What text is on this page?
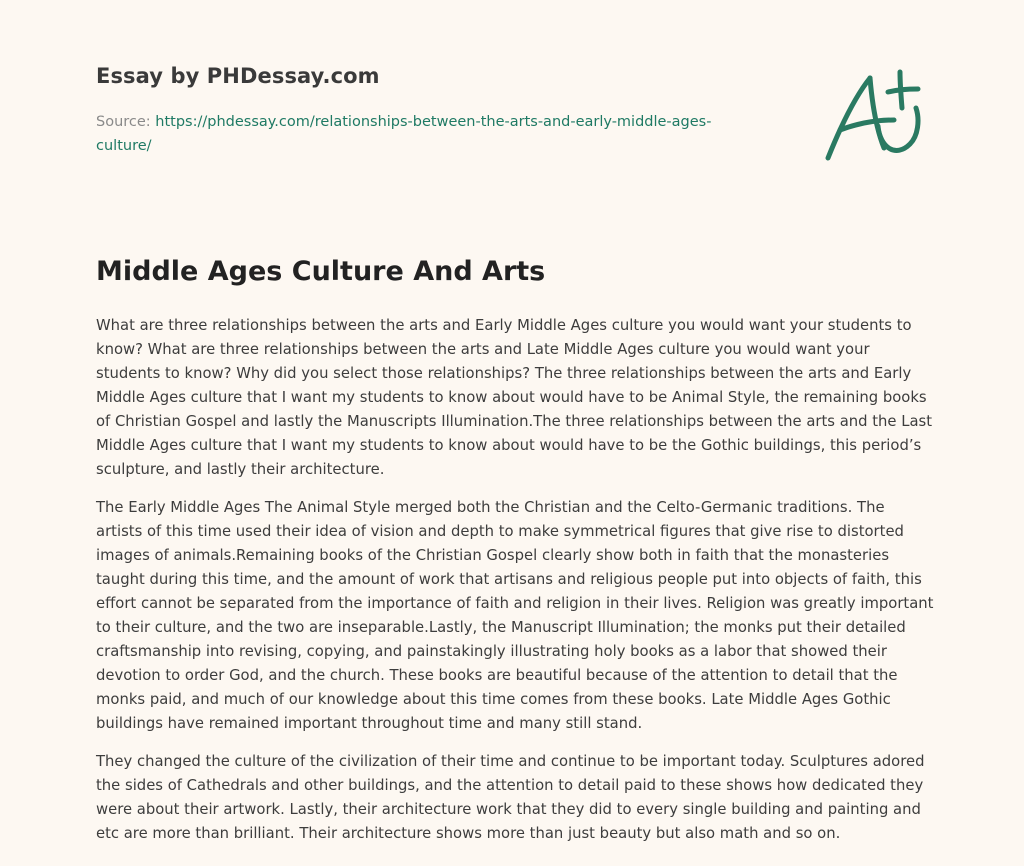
Essay by PHDessay.com
Source: https://phdessay.com/relationships-between-the-arts-and-early-middle-ages-culture/
Middle Ages Culture And Arts

What are three relationships between the arts and Early Middle Ages culture you would want your students to know? What are three relationships between the arts and Late Middle Ages culture you would want your students to know? Why did you select those relationships? The three relationships between the arts and Early Middle Ages culture that I want my students to know about would have to be Animal Style, the remaining books of Christian Gospel and lastly the Manuscripts Illumination.The three relationships between the arts and the Last Middle Ages culture that I want my students to know about would have to be the Gothic buildings, this period’s sculpture, and lastly their architecture.

The Early Middle Ages The Animal Style merged both the Christian and the Celto-Germanic traditions. The artists of this time used their idea of vision and depth to make symmetrical figures that give rise to distorted images of animals.Remaining books of the Christian Gospel clearly show both in faith that the monasteries taught during this time, and the amount of work that artisans and religious people put into objects of faith, this effort cannot be separated from the importance of faith and religion in their lives. Religion was greatly important to their culture, and the two are inseparable.Lastly, the Manuscript Illumination; the monks put their detailed craftsmanship into revising, copying, and painstakingly illustrating holy books as a labor that showed their devotion to order God, and the church. These books are beautiful because of the attention to detail that the monks paid, and much of our knowledge about this time comes from these books. Late Middle Ages Gothic buildings have remained important throughout time and many still stand.

They changed the culture of the civilization of their time and continue to be important today. Sculptures adored the sides of Cathedrals and other buildings, and the attention to detail paid to these shows how dedicated they were about their artwork. Lastly, their architecture work that they did to every single building and painting and etc are more than brilliant. Their architecture shows more than just beauty but also math and so on.
